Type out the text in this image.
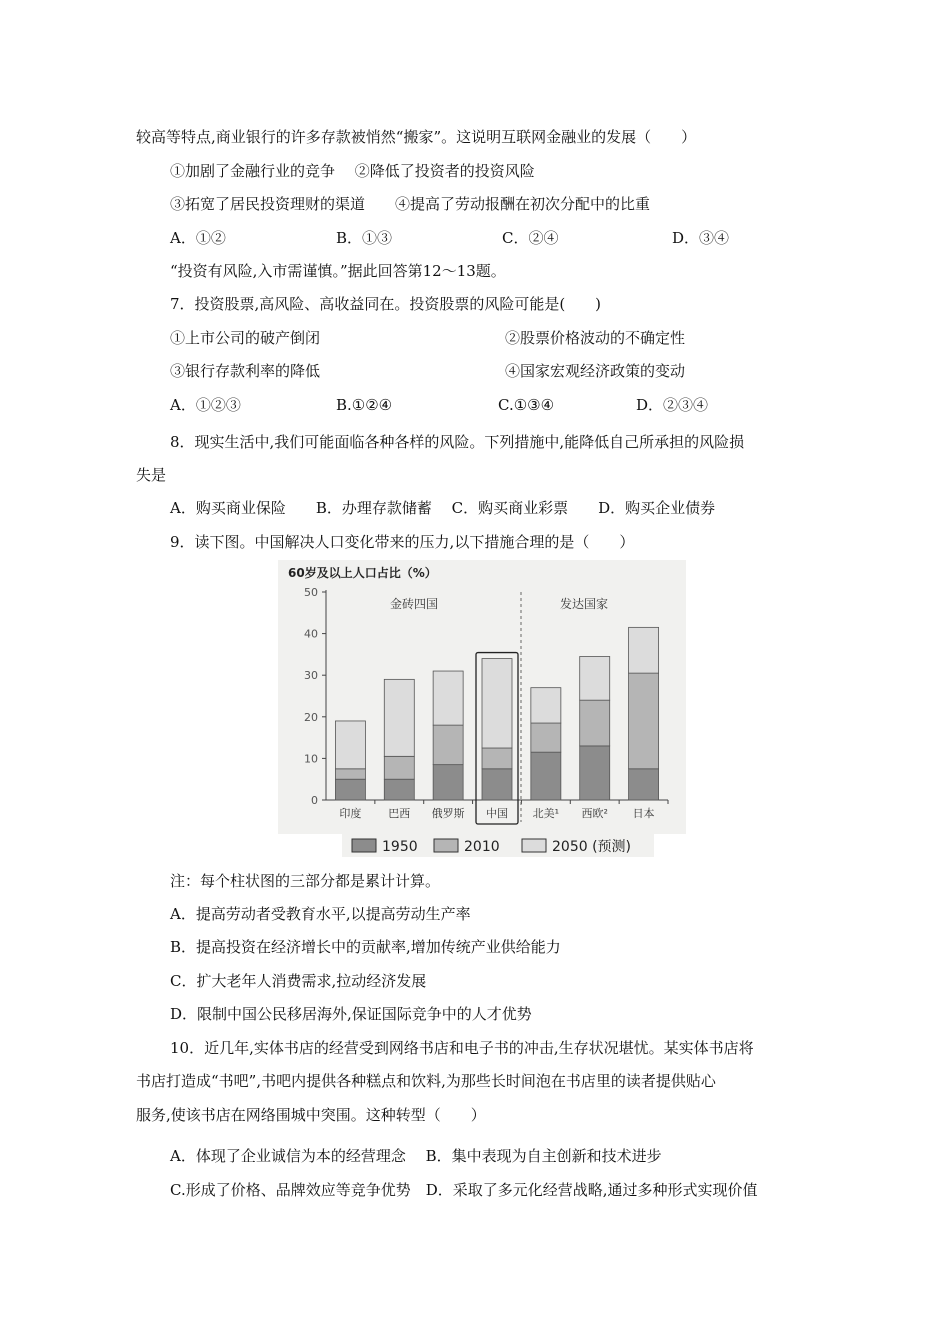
较高等特点,商业银行的许多存款被悄然“搬家”。这说明互联网金融业的发展（　　）
①加剧了金融行业的竞争　 ②降低了投资者的投资风险
③拓宽了居民投资理财的渠道　　④提高了劳动报酬在初次分配中的比重
A．①②	B．①③	C．②④	D．③④
“投资有风险,入市需谨慎。”据此回答第12～13题。
7．投资股票,高风险、高收益同在。投资股票的风险可能是(　　)
①上市公司的破产倒闭	②股票价格波动的不确定性
③银行存款利率的降低	④国家宏观经济政策的变动
A．①②③	B.①②④	C.①③④	D．②③④
8．现实生活中,我们可能面临各种各样的风险。下列措施中,能降低自己所承担的风险损
失是
A．购买商业保险　　B．办理存款储蓄　 C．购买商业彩票　　D．购买企业债券
9．读下图。中国解决人口变化带来的压力,以下措施合理的是（　　）
60岁及以上人口占比（%）
0
10
20
30
40
50
印度 巴西 俄罗斯 中国 北美¹ 西欧² 日本
金砖四国	发达国家
1950	2010	2050 (预测)
注：每个柱状图的三部分都是累计计算。
A．提高劳动者受教育水平,以提高劳动生产率
B．提高投资在经济增长中的贡献率,增加传统产业供给能力
C．扩大老年人消费需求,拉动经济发展
D．限制中国公民移居海外,保证国际竞争中的人才优势
10．近几年,实体书店的经营受到网络书店和电子书的冲击,生存状况堪忧。某实体书店将
书店打造成“书吧”,书吧内提供各种糕点和饮料,为那些长时间泡在书店里的读者提供贴心
服务,使该书店在网络围城中突围。这种转型（　　）
A．体现了企业诚信为本的经营理念　 B．集中表现为自主创新和技术进步
C.形成了价格、品牌效应等竞争优势　D．采取了多元化经营战略,通过多种形式实现价值
